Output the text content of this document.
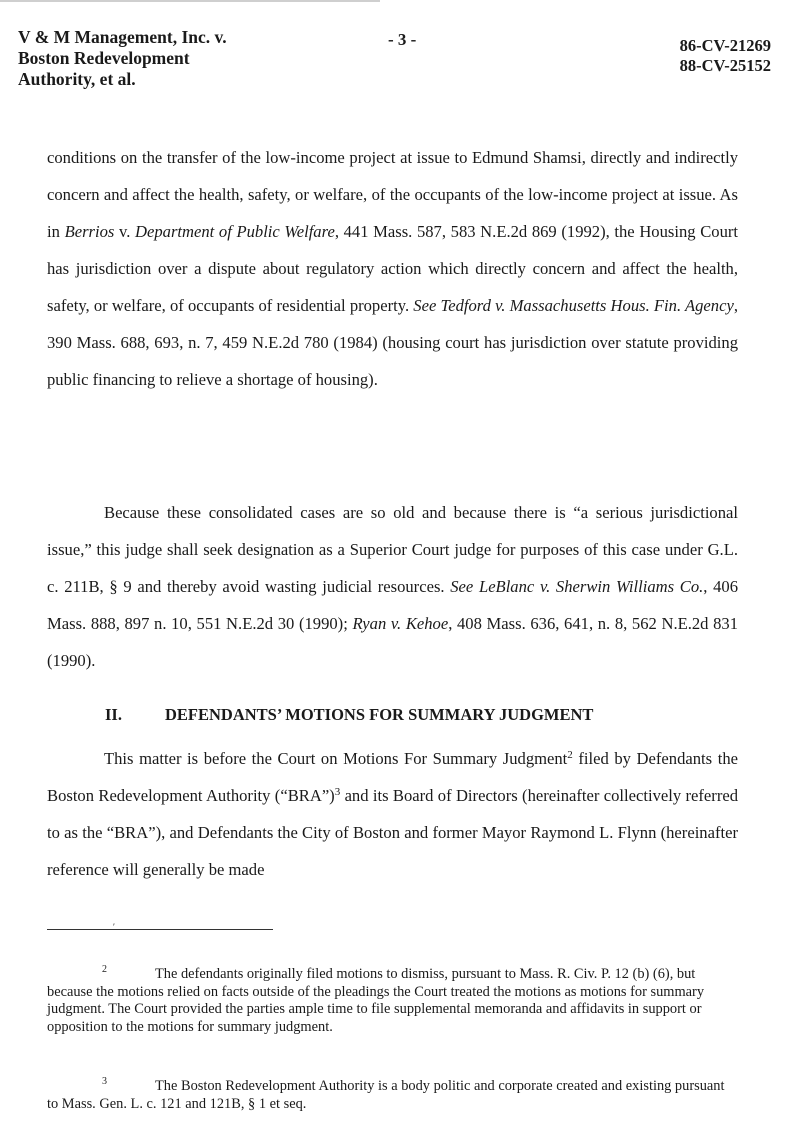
V & M Management, Inc. v.
Boston Redevelopment
Authority, et al.
- 3 -	86-CV-21269
88-CV-25152

conditions on the transfer of the low-income project at issue to Edmund Shamsi, directly and indirectly concern and affect the health, safety, or welfare, of the occupants of the low-income project at issue. As in Berrios v. Department of Public Welfare, 441 Mass. 587, 583 N.E.2d 869 (1992), the Housing Court has jurisdiction over a dispute about regulatory action which directly concern and affect the health, safety, or welfare, of occupants of residential property. See Tedford v. Massachusetts Hous. Fin. Agency, 390 Mass. 688, 693, n. 7, 459 N.E.2d 780 (1984) (housing court has jurisdiction over statute providing public financing to relieve a shortage of housing).

Because these consolidated cases are so old and because there is “a serious jurisdictional issue,” this judge shall seek designation as a Superior Court judge for purposes of this case under G.L. c. 211B, § 9 and thereby avoid wasting judicial resources. See LeBlanc v. Sherwin Williams Co., 406 Mass. 888, 897 n. 10, 551 N.E.2d 30 (1990); Ryan v. Kehoe, 408 Mass. 636, 641, n. 8, 562 N.E.2d 831 (1990).

II.	DEFENDANTS’ MOTIONS FOR SUMMARY JUDGMENT

This matter is before the Court on Motions For Summary Judgment$^2$ filed by Defendants the Boston Redevelopment Authority (“BRA”)$^3$ and its Board of Directors (hereinafter collectively referred to as the “BRA”), and Defendants the City of Boston and former Mayor Raymond L. Flynn (hereinafter reference will generally be made

′

$^2$	The defendants originally filed motions to dismiss, pursuant to Mass. R. Civ. P. 12 (b) (6), but because the motions relied on facts outside of the pleadings the Court treated the motions as motions for summary judgment. The Court provided the parties ample time to file supplemental memoranda and affidavits in support or opposition to the motions for summary judgment.

$^3$	The Boston Redevelopment Authority is a body politic and corporate created and existing pursuant to Mass. Gen. L. c. 121 and 121B, § 1 et seq.
